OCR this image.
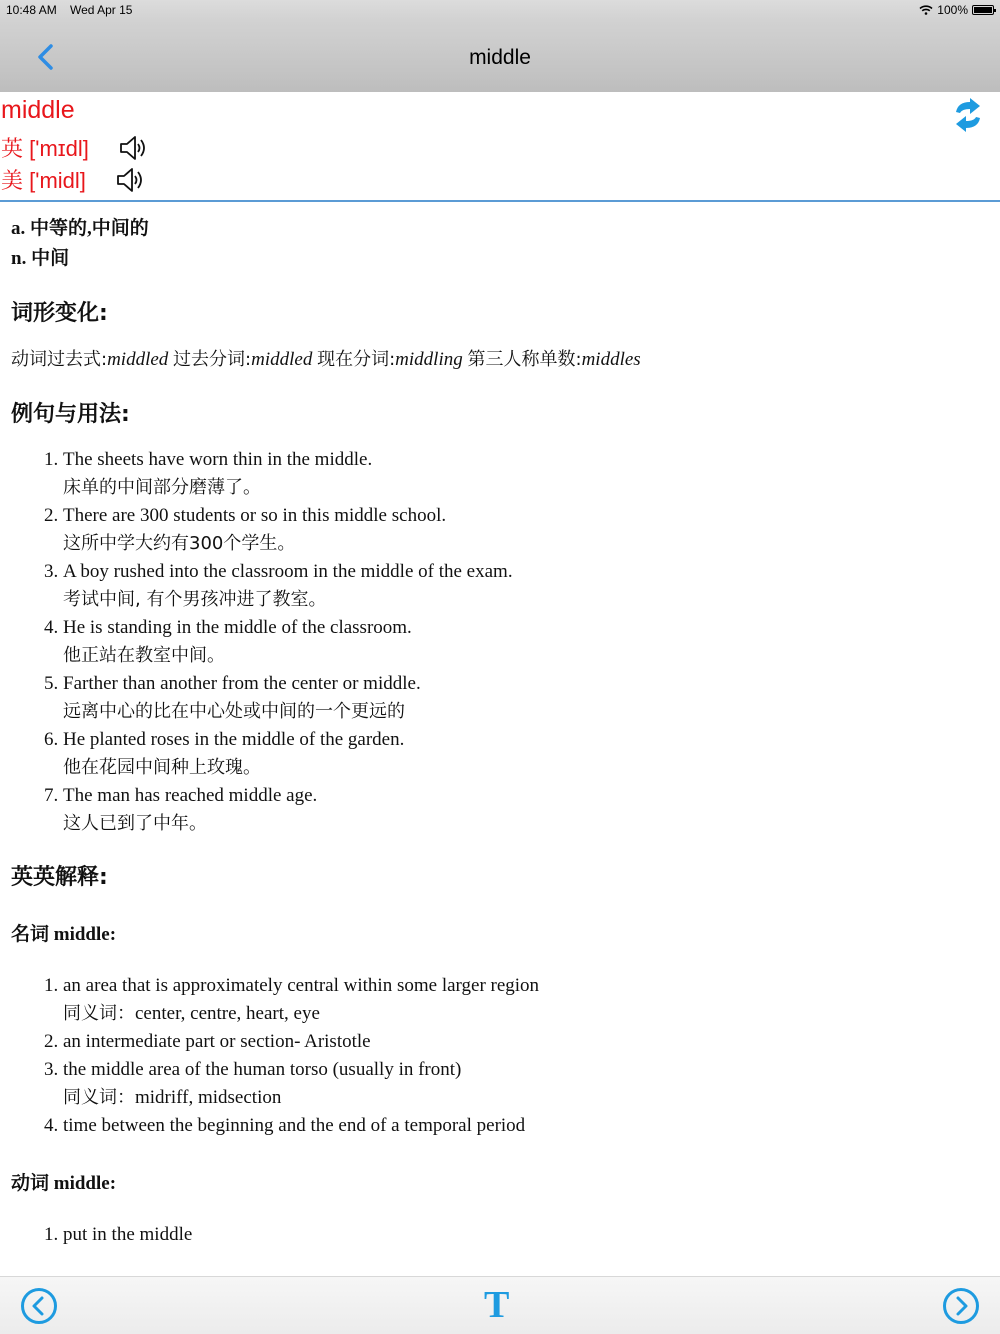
10:48 AM Wed Apr 15	100%
middle
middle
英 ['mɪdl]
美 ['midl]
a. 中等的,中间的
n. 中间
词形变化:
动词过去式:middled 过去分词:middled 现在分词:middling 第三人称单数:middles
例句与用法:
1. The sheets have worn thin in the middle.
床单的中间部分磨薄了。
2. There are 300 students or so in this middle school.
这所中学大约有300个学生。
3. A boy rushed into the classroom in the middle of the exam.
考试中间, 有个男孩冲进了教室。
4. He is standing in the middle of the classroom.
他正站在教室中间。
5. Farther than another from the center or middle.
远离中心的比在中心处或中间的一个更远的
6. He planted roses in the middle of the garden.
他在花园中间种上玫瑰。
7. The man has reached middle age.
这人已到了中年。
英英解释:
名词 middle:
1. an area that is approximately central within some larger region
同义词：center, centre, heart, eye
2. an intermediate part or section- Aristotle
3. the middle area of the human torso (usually in front)
同义词：midriff, midsection
4. time between the beginning and the end of a temporal period
动词 middle:
1. put in the middle
T
